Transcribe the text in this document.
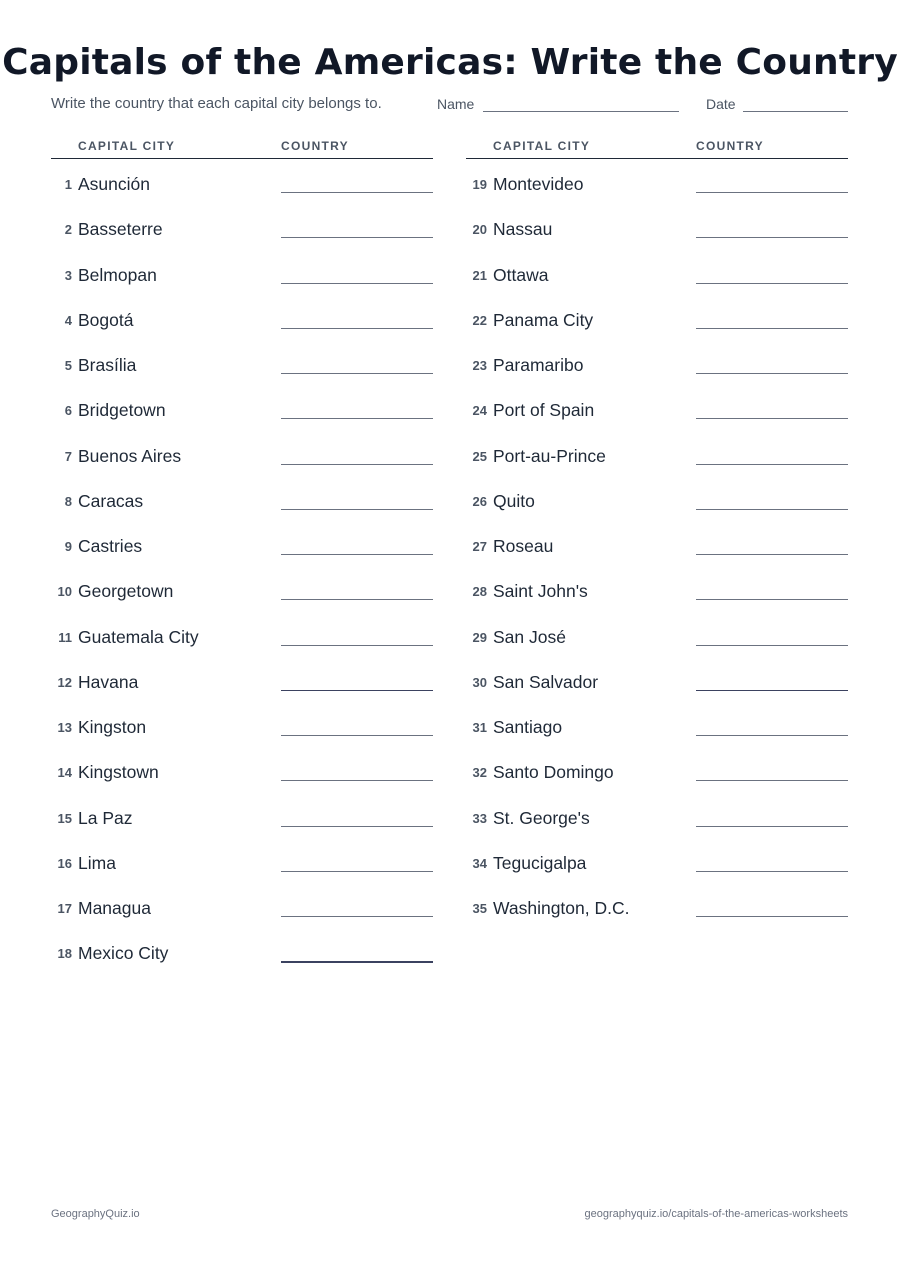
Capitals of the Americas: Write the Country
Write the country that each capital city belongs to.	Name	Date
CAPITAL CITY	COUNTRY
1 Asunción
2 Basseterre
3 Belmopan
4 Bogotá
5 Brasília
6 Bridgetown
7 Buenos Aires
8 Caracas
9 Castries
10 Georgetown
11 Guatemala City
12 Havana
13 Kingston
14 Kingstown
15 La Paz
16 Lima
17 Managua
18 Mexico City
CAPITAL CITY	COUNTRY
19 Montevideo
20 Nassau
21 Ottawa
22 Panama City
23 Paramaribo
24 Port of Spain
25 Port-au-Prince
26 Quito
27 Roseau
28 Saint John's
29 San José
30 San Salvador
31 Santiago
32 Santo Domingo
33 St. George's
34 Tegucigalpa
35 Washington, D.C.
GeographyQuiz.io	geographyquiz.io/capitals-of-the-americas-worksheets
